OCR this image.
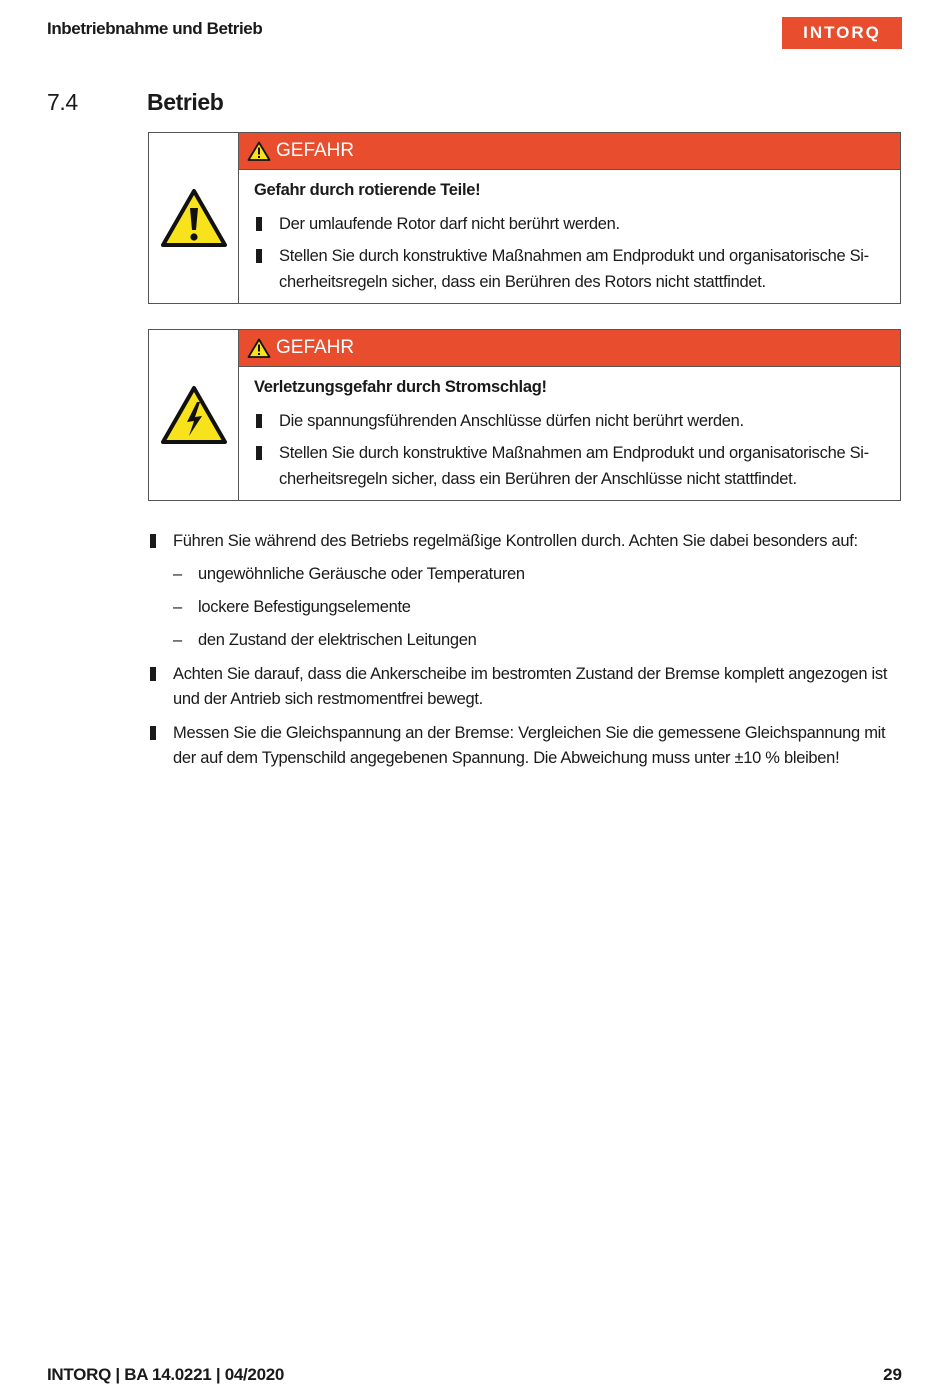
Inbetriebnahme und Betrieb	INTORQ
7.4	Betrieb
GEFAHR
Gefahr durch rotierende Teile!
Der umlaufende Rotor darf nicht berührt werden.
Stellen Sie durch konstruktive Maßnahmen am Endprodukt und organisatorische Si-cherheitsregeln sicher, dass ein Berühren des Rotors nicht stattfindet.
GEFAHR
Verletzungsgefahr durch Stromschlag!
Die spannungsführenden Anschlüsse dürfen nicht berührt werden.
Stellen Sie durch konstruktive Maßnahmen am Endprodukt und organisatorische Si-cherheitsregeln sicher, dass ein Berühren der Anschlüsse nicht stattfindet.
Führen Sie während des Betriebs regelmäßige Kontrollen durch. Achten Sie dabei besonders auf:
– ungewöhnliche Geräusche oder Temperaturen
– lockere Befestigungselemente
– den Zustand der elektrischen Leitungen
Achten Sie darauf, dass die Ankerscheibe im bestromten Zustand der Bremse komplett angezogen ist und der Antrieb sich restmomentfrei bewegt.
Messen Sie die Gleichspannung an der Bremse: Vergleichen Sie die gemessene Gleichspannung mit der auf dem Typenschild angegebenen Spannung. Die Abweichung muss unter ±10 % bleiben!
INTORQ | BA 14.0221 | 04/2020	29
